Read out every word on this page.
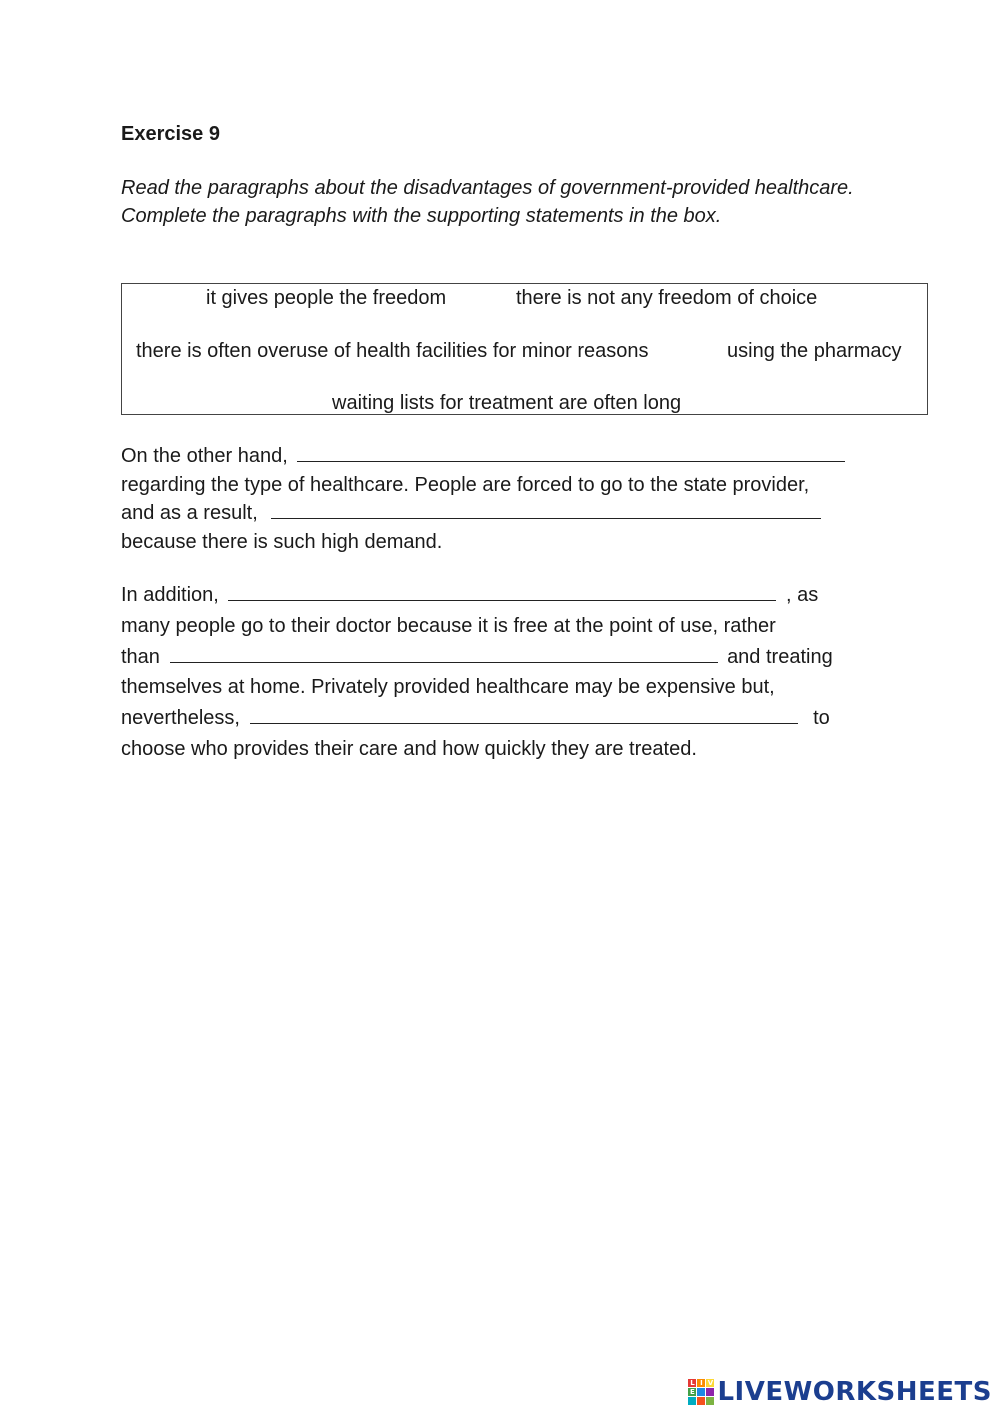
Exercise 9

Read the paragraphs about the disadvantages of government-provided healthcare. Complete the paragraphs with the supporting statements in the box.

it gives people the freedom	there is not any freedom of choice
there is often overuse of health facilities for minor reasons	using the pharmacy
waiting lists for treatment are often long
On the other hand,
regarding the type of healthcare. People are forced to go to the state provider,
and as a result,
because there is such high demand.
In addition,	, as
many people go to their doctor because it is free at the point of use, rather
than	and treating
themselves at home. Privately provided healthcare may be expensive but,
nevertheless,	to
choose who provides their care and how quickly they are treated.
L I V
E LIVEWORKSHEETS
